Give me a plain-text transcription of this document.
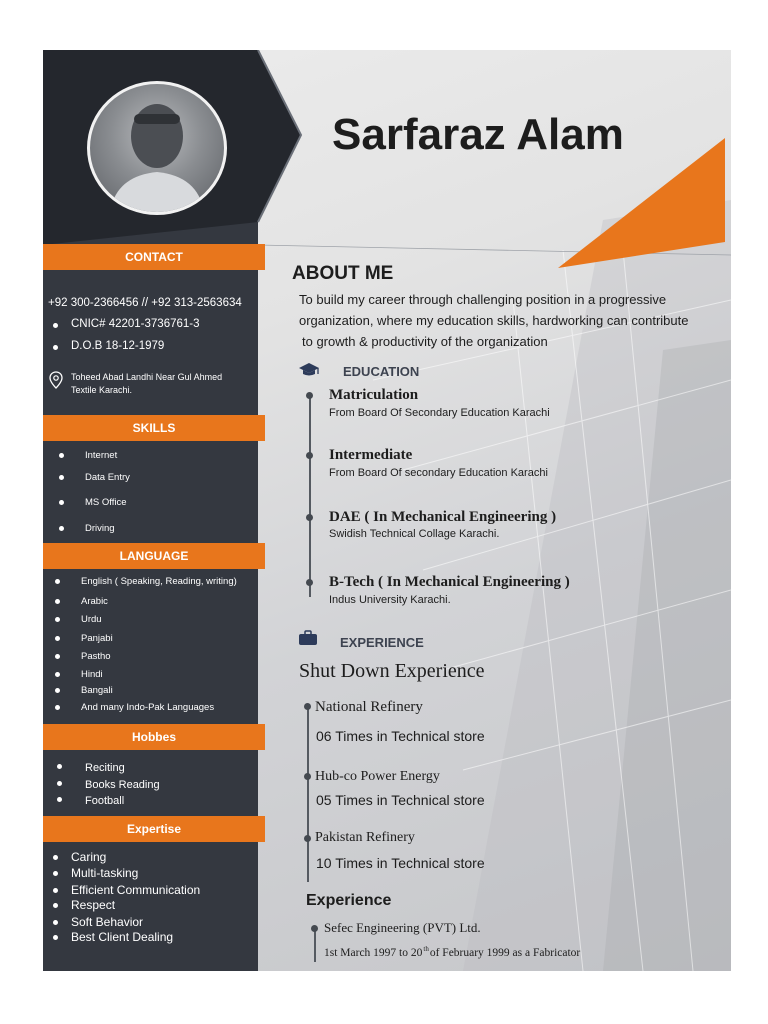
CONTACT
+92 300-2366456 // +92 313-2563634
CNIC# 42201-3736761-3
D.O.B 18-12-1979
Toheed Abad Landhi Near Gul Ahmed
Textile Karachi.
SKILLS
Internet
Data Entry
MS Office
Driving
LANGUAGE
English ( Speaking, Reading, writing)
Arabic
Urdu
Panjabi
Pastho
Hindi
Bangali
And many Indo-Pak Languages
Hobbes
Reciting
Books Reading
Football
Expertise
Caring
Multi-tasking
Efficient Communication
Respect
Soft Behavior
Best Client Dealing
Sarfaraz Alam
ABOUT ME
To build my career through challenging position in a progressive
organization, where my education skills, hardworking can contribute
to growth & productivity of the organization
EDUCATION
Matriculation
From Board Of Secondary Education Karachi
Intermediate
From Board Of secondary Education Karachi
DAE ( In Mechanical Engineering )
Swidish Technical Collage Karachi.
B-Tech ( In Mechanical Engineering )
Indus University Karachi.
EXPERIENCE
Shut Down Experience
National Refinery
06 Times in Technical store
Hub-co Power Energy
05 Times in Technical store
Pakistan Refinery
10 Times in Technical store
Experience
Sefec Engineering (PVT) Ltd.
1st March 1997 to 20thof February 1999 as a Fabricator
